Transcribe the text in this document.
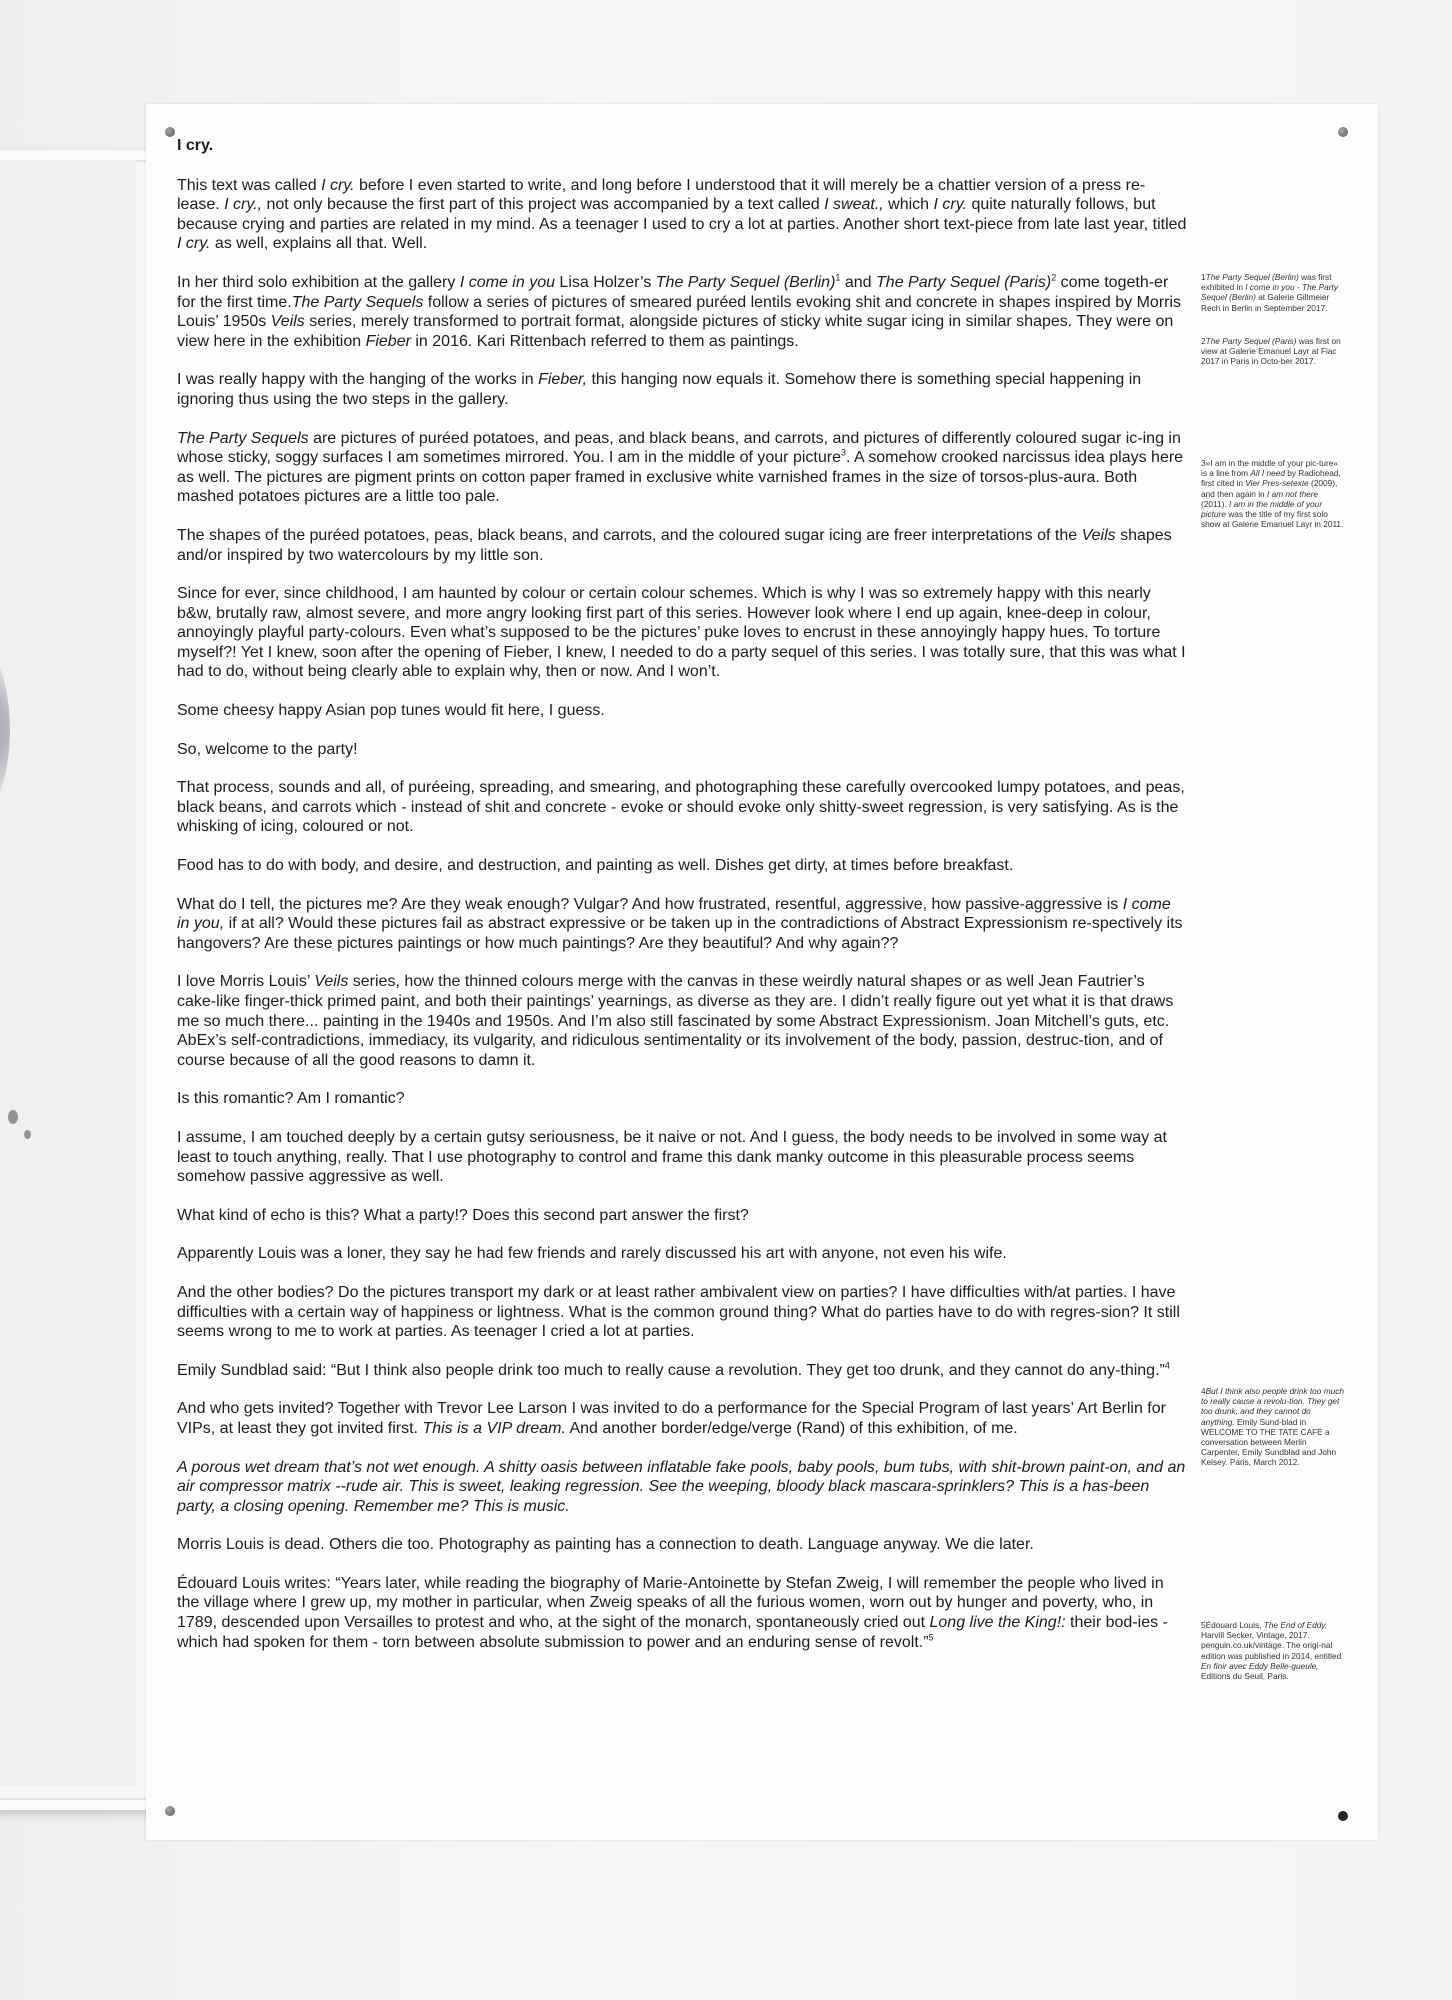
I cry.

This text was called I cry. before I even started to write, and long before I understood that it will merely be a chattier version of a press re-lease. I cry., not only because the first part of this project was accompanied by a text called I sweat., which I cry. quite naturally follows, but because crying and parties are related in my mind. As a teenager I used to cry a lot at parties. Another short text-piece from late last year, titled I cry. as well, explains all that. Well.

In her third solo exhibition at the gallery I come in you Lisa Holzer’s The Party Sequel (Berlin)$^1$ and The Party Sequel (Paris)$^2$ come togeth-er for the first time.The Party Sequels follow a series of pictures of smeared puréed lentils evoking shit and concrete in shapes inspired by Morris Louis’ 1950s Veils series, merely transformed to portrait format, alongside pictures of sticky white sugar icing in similar shapes. They were on view here in the exhibition Fieber in 2016. Kari Rittenbach referred to them as paintings.

I was really happy with the hanging of the works in Fieber, this hanging now equals it. Somehow there is something special happening in ignoring thus using the two steps in the gallery.

The Party Sequels are pictures of puréed potatoes, and peas, and black beans, and carrots, and pictures of differently coloured sugar ic-ing in whose sticky, soggy surfaces I am sometimes mirrored. You. I am in the middle of your picture$^3$. A somehow crooked narcissus idea plays here as well. The pictures are pigment prints on cotton paper framed in exclusive white varnished frames in the size of torsos-plus-aura. Both mashed potatoes pictures are a little too pale.

The shapes of the puréed potatoes, peas, black beans, and carrots, and the coloured sugar icing are freer interpretations of the Veils shapes and/or inspired by two watercolours by my little son.

Since for ever, since childhood, I am haunted by colour or certain colour schemes. Which is why I was so extremely happy with this nearly b&w, brutally raw, almost severe, and more angry looking first part of this series. However look where I end up again, knee-deep in colour, annoyingly playful party-colours. Even what’s supposed to be the pictures’ puke loves to encrust in these annoyingly happy hues. To torture myself?! Yet I knew, soon after the opening of Fieber, I knew, I needed to do a party sequel of this series. I was totally sure, that this was what I had to do, without being clearly able to explain why, then or now. And I won’t.

Some cheesy happy Asian pop tunes would fit here, I guess.

So, welcome to the party!

That process, sounds and all, of puréeing, spreading, and smearing, and photographing these carefully overcooked lumpy potatoes, and peas, black beans, and carrots which - instead of shit and concrete - evoke or should evoke only shitty-sweet regression, is very satisfying. As is the whisking of icing, coloured or not.

Food has to do with body, and desire, and destruction, and painting as well. Dishes get dirty, at times before breakfast.

What do I tell, the pictures me? Are they weak enough? Vulgar? And how frustrated, resentful, aggressive, how passive-aggressive is I come in you, if at all? Would these pictures fail as abstract expressive or be taken up in the contradictions of Abstract Expressionism re-spectively its hangovers? Are these pictures paintings or how much paintings? Are they beautiful? And why again??

I love Morris Louis’ Veils series, how the thinned colours merge with the canvas in these weirdly natural shapes or as well Jean Fautrier’s cake-like finger-thick primed paint, and both their paintings’ yearnings, as diverse as they are. I didn’t really figure out yet what it is that draws me so much there... painting in the 1940s and 1950s. And I’m also still fascinated by some Abstract Expressionism. Joan Mitchell’s guts, etc. AbEx’s self-contradictions, immediacy, its vulgarity, and ridiculous sentimentality or its involvement of the body, passion, destruc-tion, and of course because of all the good reasons to damn it.

Is this romantic? Am I romantic?

I assume, I am touched deeply by a certain gutsy seriousness, be it naive or not. And I guess, the body needs to be involved in some way at least to touch anything, really. That I use photography to control and frame this dank manky outcome in this pleasurable process seems somehow passive aggressive as well.

What kind of echo is this? What a party!? Does this second part answer the first?

Apparently Louis was a loner, they say he had few friends and rarely discussed his art with anyone, not even his wife.

And the other bodies? Do the pictures transport my dark or at least rather ambivalent view on parties? I have difficulties with/at parties. I have difficulties with a certain way of happiness or lightness. What is the common ground thing? What do parties have to do with regres-sion? It still seems wrong to me to work at parties. As teenager I cried a lot at parties.

Emily Sundblad said: “But I think also people drink too much to really cause a revolution. They get too drunk, and they cannot do any-thing.”$^4$

And who gets invited? Together with Trevor Lee Larson I was invited to do a performance for the Special Program of last years’ Art Berlin for VIPs, at least they got invited first. This is a VIP dream. And another border/edge/verge (Rand) of this exhibition, of me.

A porous wet dream that’s not wet enough. A shitty oasis between inflatable fake pools, baby pools, bum tubs, with shit-brown paint-on, and an air compressor matrix --rude air. This is sweet, leaking regression. See the weeping, bloody black mascara-sprinklers? This is a has-been party, a closing opening. Remember me? This is music.

Morris Louis is dead. Others die too. Photography as painting has a connection to death. Language anyway. We die later.

Édouard Louis writes: “Years later, while reading the biography of Marie-Antoinette by Stefan Zweig, I will remember the people who lived in the village where I grew up, my mother in particular, when Zweig speaks of all the furious women, worn out by hunger and poverty, who, in 1789, descended upon Versailles to protest and who, at the sight of the monarch, spontaneously cried out Long live the King!: their bod-ies - which had spoken for them - torn between absolute submission to power and an enduring sense of revolt.”$^5$

1The Party Sequel (Berlin) was first exhibited in I come in you - The Party Sequel (Berlin) at Galerie Gillmeier Rech in Berlin in September 2017.
2The Party Sequel (Paris) was first on view at Galerie Emanuel Layr at Fiac 2017 in Paris in Octo-ber 2017.
3»I am in the middle of your pic-ture« is a line from All I need by Radiohead, first cited in Vier Pres-setexte (2009), and then again in I am not there (2011). I am in the middle of your picture was the title of my first solo show at Galerie Emanuel Layr in 2011.
4But I think also people drink too much to really cause a revolu-tion. They get too drunk, and they cannot do anything. Emily Sund-blad in WELCOME TO THE TATE CAFÉ a conversation between Merlin Carpenter, Emily Sundblad and John Kelsey. Paris, March 2012.
5Édouard Louis, The End of Eddy, Harvill Secker, Vintage, 2017. penguin.co.uk/vintage. The origi-nal edition was published in 2014, entitled En finir avec Eddy Belle-gueule, Editions du Seuil, Paris.
